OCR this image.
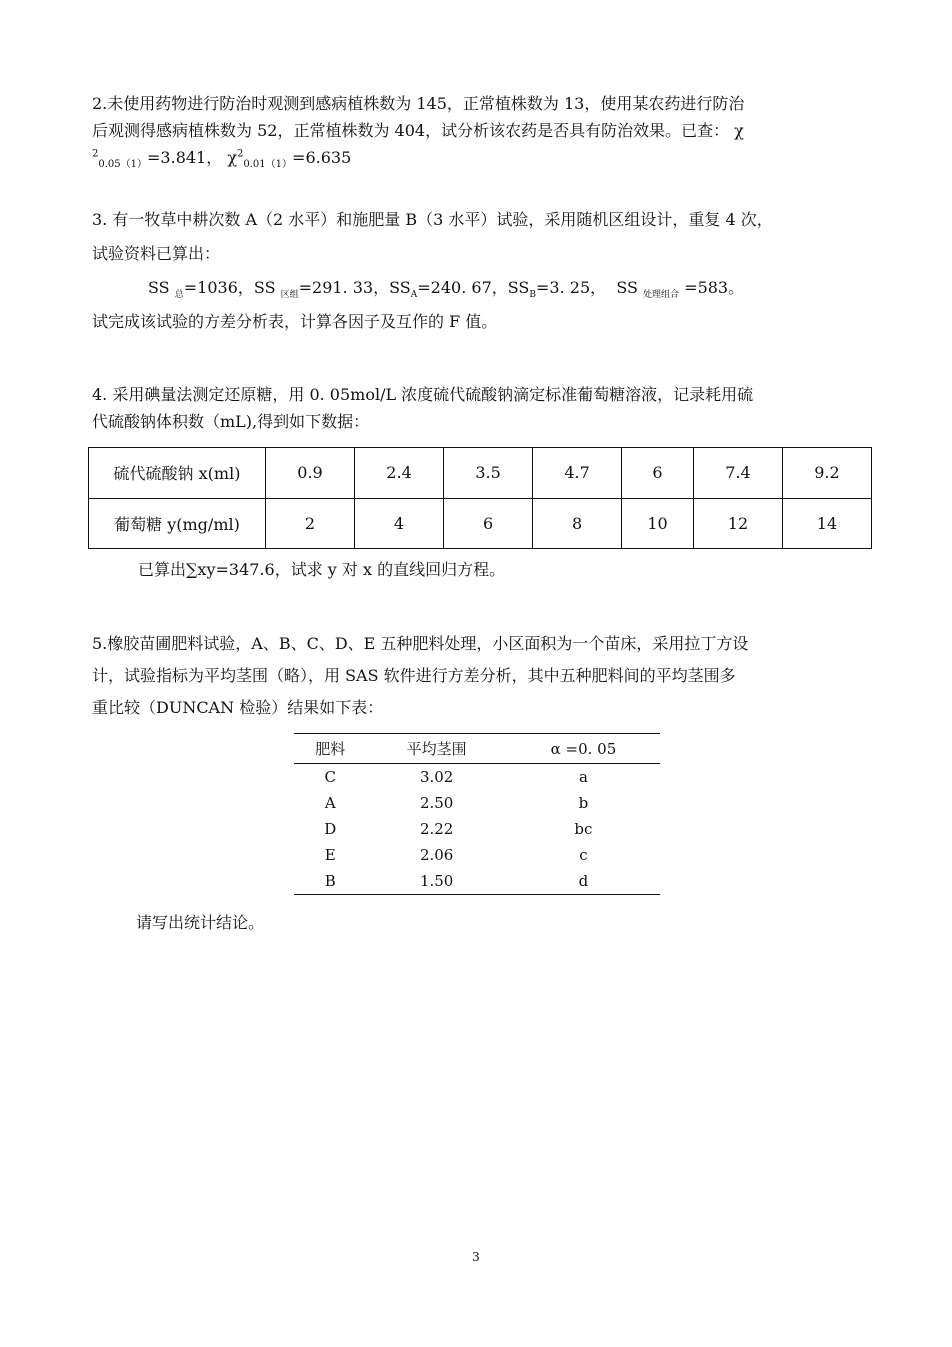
2.未使用药物进行防治时观测到感病植株数为 145，正常植株数为 13，使用某农药进行防治
后观测得感病植株数为 52，正常植株数为 404，试分析该农药是否具有防治效果。已查： χ
$^2_{0.05(1)}$=3.841， $\chi^2_{0.01(1)}=6.635$
3. 有一牧草中耕次数 A（2 水平）和施肥量 B（3 水平）试验，采用随机区组设计，重复 4 次，
试验资料已算出：
SS $_总$=1036，SS $_{区组}$=291. 33，$SS_A=240$. 67，$SS_B=3$. 25， SS $_{处理组合}$ =583。
试完成该试验的方差分析表，计算各因子及互作的 F 值。
4. 采用碘量法测定还原糖，用 0. 05mol/L 浓度硫代硫酸钠滴定标准葡萄糖溶液，记录耗用硫
代硫酸钠体积数（mL),得到如下数据：
硫代硫酸钠 x(ml)	0.9	2.4	3.5	4.7	6	7.4	9.2
葡萄糖 y(mg/ml)	2	4	6	8	10	12	14
已算出∑xy=347.6，试求 y 对 x 的直线回归方程。
5.橡胶苗圃肥料试验，A、B、C、D、E 五种肥料处理，小区面积为一个苗床，采用拉丁方设
计，试验指标为平均茎围（略），用 SAS 软件进行方差分析，其中五种肥料间的平均茎围多
重比较（DUNCAN 检验）结果如下表：
肥料	平均茎围	α =0. 05
C	3.02	a
A	2.50	b
D	2.22	bc
E	2.06	c
B	1.50	d
请写出统计结论。
3
